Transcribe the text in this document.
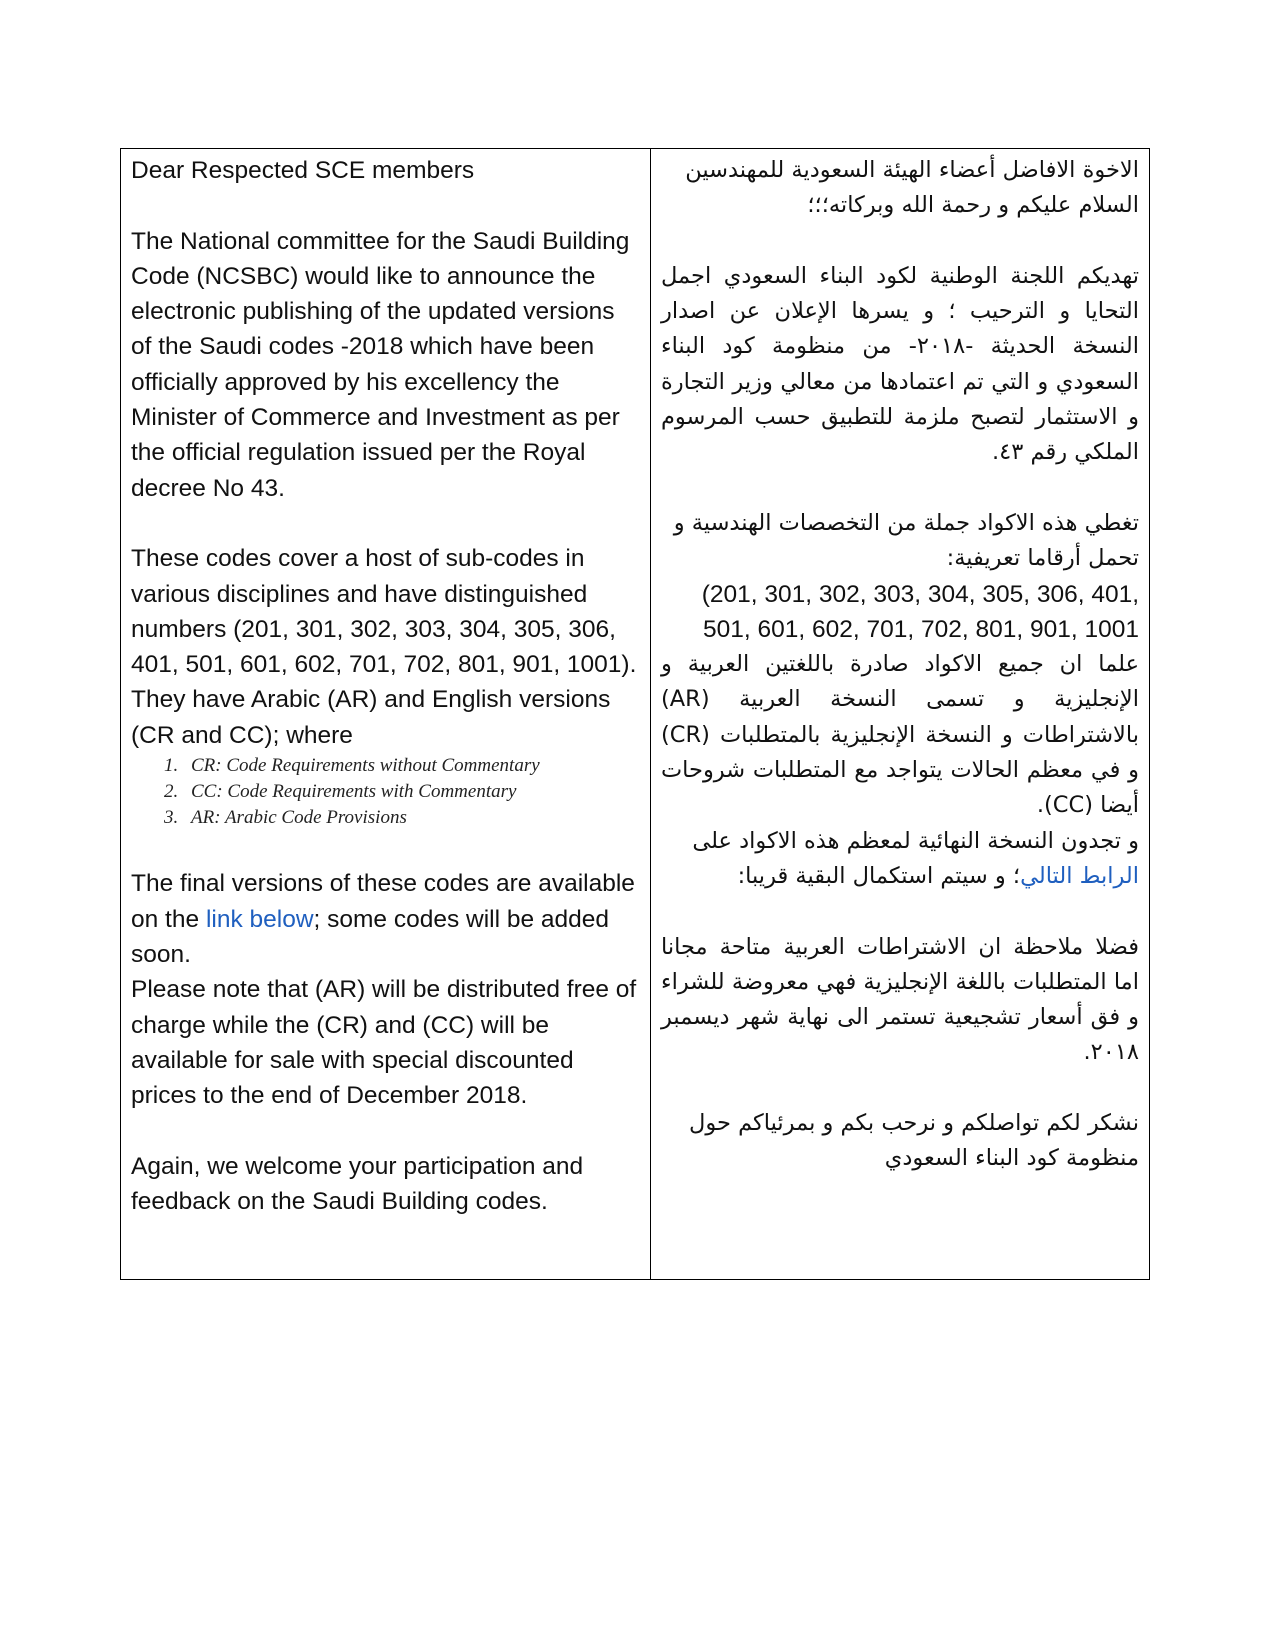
Dear Respected SCE members

The National committee for the Saudi Building Code (NCSBC) would like to announce the electronic publishing of the updated versions of the Saudi codes -2018 which have been officially approved by his excellency the Minister of Commerce and Investment as per the official regulation issued per the Royal decree No 43.

These codes cover a host of sub-codes in various disciplines and have distinguished numbers (201, 301, 302, 303, 304, 305, 306, 401, 501, 601, 602, 701, 702, 801, 901, 1001). They have Arabic (AR) and English versions (CR and CC); where

1. CR: Code Requirements without Commentary
2. CC: Code Requirements with Commentary
3. AR: Arabic Code Provisions

The final versions of these codes are available on the link below; some codes will be added soon.

Please note that (AR) will be distributed free of charge while the (CR) and (CC) will be available for sale with special discounted prices to the end of December 2018.

Again, we welcome your participation and feedback on the Saudi Building codes.

الاخوة الافاضل أعضاء الهيئة السعودية للمهندسين

السلام عليكم و رحمة الله وبركاته؛؛؛

تهديكم اللجنة الوطنية لكود البناء السعودي اجمل التحايا و الترحيب ؛ و يسرها الإعلان عن اصدار النسخة الحديثة -٢٠١٨- من منظومة كود البناء السعودي و التي تم اعتمادها من معالي وزير التجارة و الاستثمار لتصبح ملزمة للتطبيق حسب المرسوم الملكي رقم ٤٣.

تغطي هذه الاكواد جملة من التخصصات الهندسية و تحمل أرقاما تعريفية:

(201, 301, 302, 303, 304, 305, 306, 401,
501, 601, 602, 701, 702, 801, 901, 1001

علما ان جميع الاكواد صادرة باللغتين العربية و الإنجليزية و تسمى النسخة العربية (AR) بالاشتراطات و النسخة الإنجليزية بالمتطلبات (CR) و في معظم الحالات يتواجد مع المتطلبات شروحات أيضا (CC).

و تجدون النسخة النهائية لمعظم هذه الاكواد على الرابط التالي؛ و سيتم استكمال البقية قريبا:

فضلا ملاحظة ان الاشتراطات العربية متاحة مجانا اما المتطلبات باللغة الإنجليزية فهي معروضة للشراء و فق أسعار تشجيعية تستمر الى نهاية شهر ديسمبر ٢٠١٨.

نشكر لكم تواصلكم و نرحب بكم و بمرئياكم حول منظومة كود البناء السعودي
